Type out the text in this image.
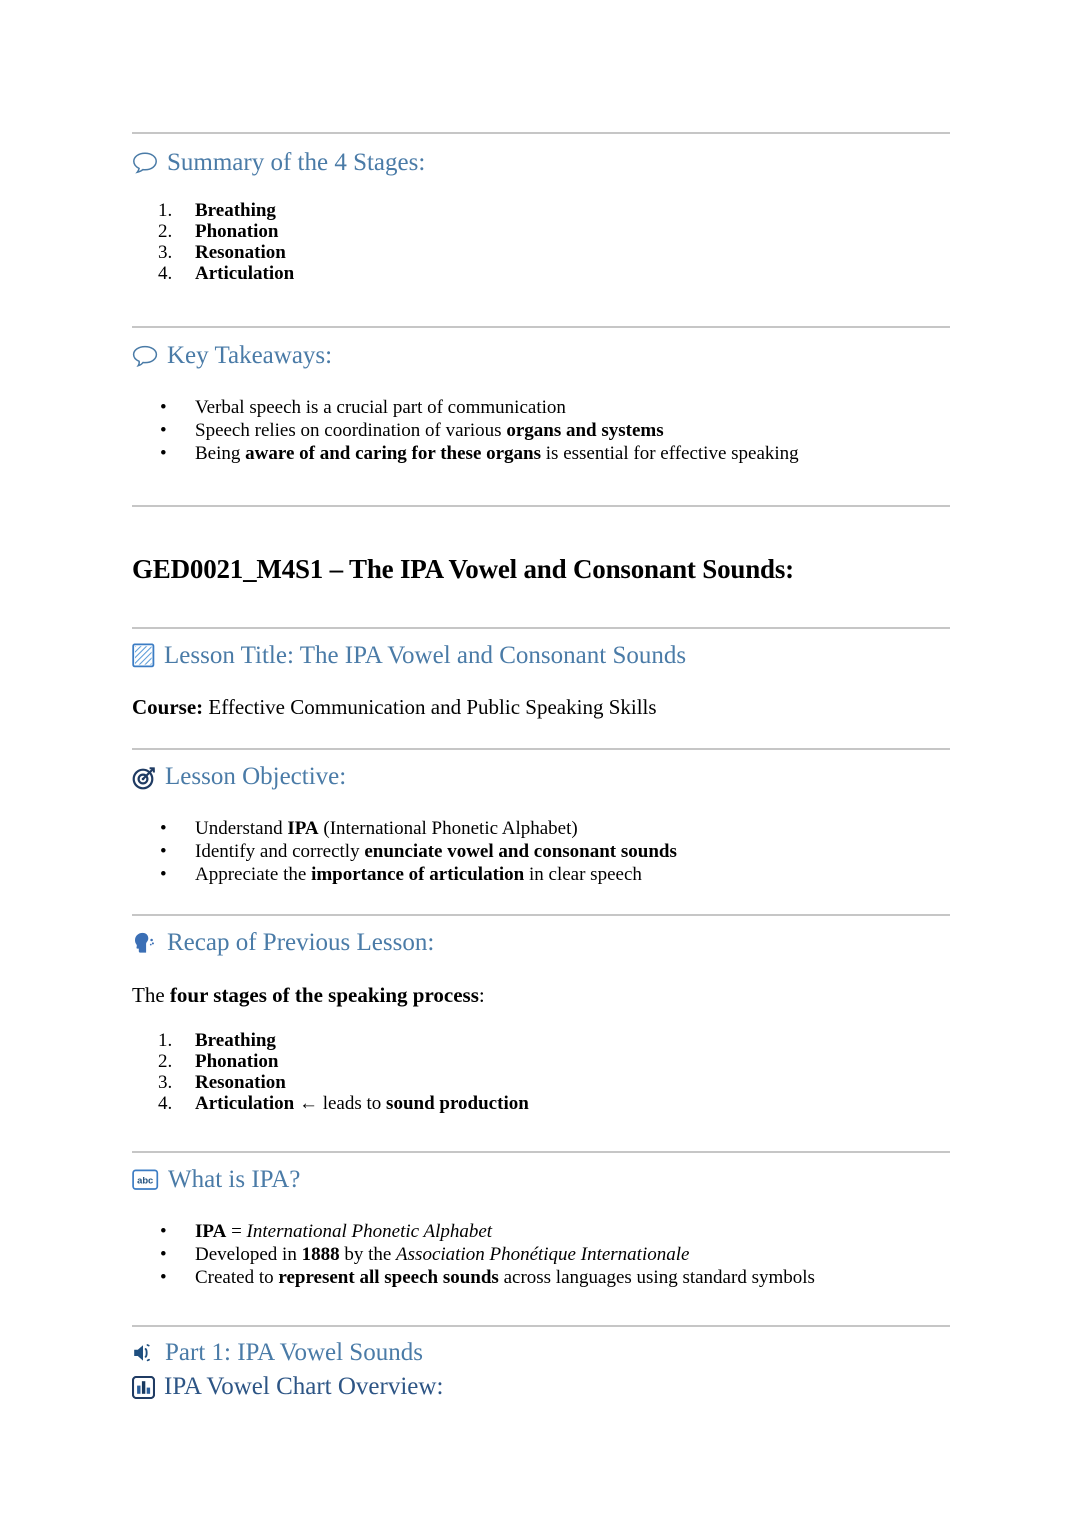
Summary of the 4 Stages:
1.	Breathing
2.	Phonation
3.	Resonation
4.	Articulation
Key Takeaways:
•	Verbal speech is a crucial part of communication
•	Speech relies on coordination of various organs and systems
•	Being aware of and caring for these organs is essential for effective speaking
GED0021_M4S1 – The IPA Vowel and Consonant Sounds:
Lesson Title: The IPA Vowel and Consonant Sounds
Course: Effective Communication and Public Speaking Skills
Lesson Objective:
•	Understand IPA (International Phonetic Alphabet)
•	Identify and correctly enunciate vowel and consonant sounds
•	Appreciate the importance of articulation in clear speech
Recap of Previous Lesson:
The four stages of the speaking process:
1.	Breathing
2.	Phonation
3.	Resonation
4.	Articulation ← leads to sound production
abc What is IPA?
•	IPA = International Phonetic Alphabet
•	Developed in 1888 by the Association Phonétique Internationale
•	Created to represent all speech sounds across languages using standard symbols
Part 1: IPA Vowel Sounds
IPA Vowel Chart Overview:
